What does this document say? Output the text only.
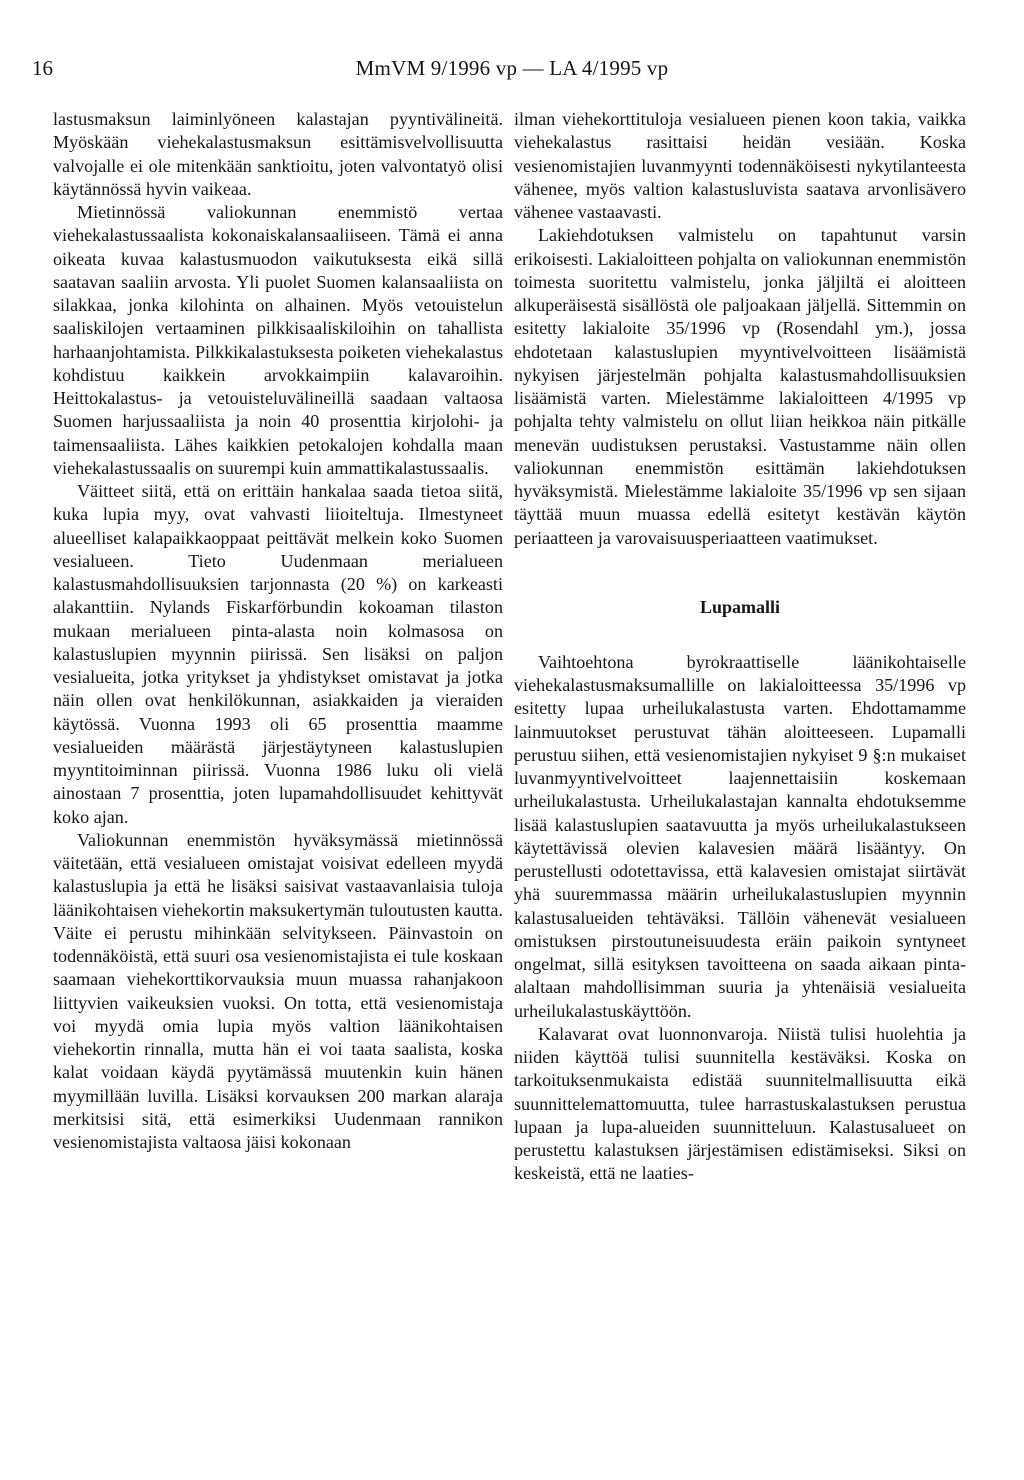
16	MmVM 9/1996 vp — LA 4/1995 vp

lastusmaksun laiminlyöneen kalastajan pyyntivälineitä. Myöskään viehekalastusmaksun esittämisvelvollisuutta valvojalle ei ole mitenkään sanktioitu, joten valvontatyö olisi käytännössä hyvin vaikeaa.

Mietinnössä valiokunnan enemmistö vertaa viehekalastussaalista kokonaiskalansaaliiseen. Tämä ei anna oikeata kuvaa kalastusmuodon vaikutuksesta eikä sillä saatavan saaliin arvosta. Yli puolet Suomen kalansaaliista on silakkaa, jonka kilohinta on alhainen. Myös vetouistelun saaliskilojen vertaaminen pilkkisaaliskiloihin on tahallista harhaanjohtamista. Pilkkikalastuksesta poiketen viehekalastus kohdistuu kaikkein arvokkaimpiin kalavaroihin. Heittokalastus- ja vetouisteluvälineillä saadaan valtaosa Suomen harjussaaliista ja noin 40 prosenttia kirjolohi- ja taimensaaliista. Lähes kaikkien petokalojen kohdalla maan viehekalastussaalis on suurempi kuin ammattikalastussaalis.

Väitteet siitä, että on erittäin hankalaa saada tietoa siitä, kuka lupia myy, ovat vahvasti liioiteltuja. Ilmestyneet alueelliset kalapaikkaoppaat peittävät melkein koko Suomen vesialueen. Tieto Uudenmaan merialueen kalastusmahdollisuuksien tarjonnasta (20 %) on karkeasti alakanttiin. Nylands Fiskarförbundin kokoaman tilaston mukaan merialueen pinta-alasta noin kolmasosa on kalastuslupien myynnin piirissä. Sen lisäksi on paljon vesialueita, jotka yritykset ja yhdistykset omistavat ja jotka näin ollen ovat henkilökunnan, asiakkaiden ja vieraiden käytössä. Vuonna 1993 oli 65 prosenttia maamme vesialueiden määrästä järjestäytyneen kalastuslupien myyntitoiminnan piirissä. Vuonna 1986 luku oli vielä ainostaan 7 prosenttia, joten lupamahdollisuudet kehittyvät koko ajan.

Valiokunnan enemmistön hyväksymässä mietinnössä väitetään, että vesialueen omistajat voisivat edelleen myydä kalastuslupia ja että he lisäksi saisivat vastaavanlaisia tuloja läänikohtaisen viehekortin maksukertymän tuloutusten kautta. Väite ei perustu mihinkään selvitykseen. Päinvastoin on todennäköistä, että suuri osa vesienomistajista ei tule koskaan saamaan viehekorttikorvauksia muun muassa rahanjakoon liittyvien vaikeuksien vuoksi. On totta, että vesienomistaja voi myydä omia lupia myös valtion läänikohtaisen viehekortin rinnalla, mutta hän ei voi taata saalista, koska kalat voidaan käydä pyytämässä muutenkin kuin hänen myymillään luvilla. Lisäksi korvauksen 200 markan alaraja merkitsisi sitä, että esimerkiksi Uudenmaan rannikon vesienomistajista valtaosa jäisi kokonaan

ilman viehekorttituloja vesialueen pienen koon takia, vaikka viehekalastus rasittaisi heidän vesiään. Koska vesienomistajien luvanmyynti todennäköisesti nykytilanteesta vähenee, myös valtion kalastusluvista saatava arvonlisävero vähenee vastaavasti.

Lakiehdotuksen valmistelu on tapahtunut varsin erikoisesti. Lakialoitteen pohjalta on valiokunnan enemmistön toimesta suoritettu valmistelu, jonka jäljiltä ei aloitteen alkuperäisestä sisällöstä ole paljoakaan jäljellä. Sittemmin on esitetty lakialoite 35/1996 vp (Rosendahl ym.), jossa ehdotetaan kalastuslupien myyntivelvoitteen lisäämistä nykyisen järjestelmän pohjalta kalastusmahdollisuuksien lisäämistä varten. Mielestämme lakialoitteen 4/1995 vp pohjalta tehty valmistelu on ollut liian heikkoa näin pitkälle menevän uudistuksen perustaksi. Vastustamme näin ollen valiokunnan enemmistön esittämän lakiehdotuksen hyväksymistä. Mielestämme lakialoite 35/1996 vp sen sijaan täyttää muun muassa edellä esitetyt kestävän käytön periaatteen ja varovaisuusperiaatteen vaatimukset.

Lupamalli

Vaihtoehtona byrokraattiselle läänikohtaiselle viehekalastusmaksumallille on lakialoitteessa 35/1996 vp esitetty lupaa urheilukalastusta varten. Ehdottamamme lainmuutokset perustuvat tähän aloitteeseen. Lupamalli perustuu siihen, että vesienomistajien nykyiset 9 §:n mukaiset luvanmyyntivelvoitteet laajennettaisiin koskemaan urheilukalastusta. Urheilukalastajan kannalta ehdotuksemme lisää kalastuslupien saatavuutta ja myös urheilukalastukseen käytettävissä olevien kalavesien määrä lisääntyy. On perustellusti odotettavissa, että kalavesien omistajat siirtävät yhä suuremmassa määrin urheilukalastuslupien myynnin kalastusalueiden tehtäväksi. Tällöin vähenevät vesialueen omistuksen pirstoutuneisuudesta eräin paikoin syntyneet ongelmat, sillä esityksen tavoitteena on saada aikaan pinta-alaltaan mahdollisimman suuria ja yhtenäisiä vesialueita urheilukalastuskäyttöön.

Kalavarat ovat luonnonvaroja. Niistä tulisi huolehtia ja niiden käyttöä tulisi suunnitella kestäväksi. Koska on tarkoituksenmukaista edistää suunnitelmallisuutta eikä suunnittelemattomuutta, tulee harrastuskalastuksen perustua lupaan ja lupa-alueiden suunnitteluun. Kalastusalueet on perustettu kalastuksen järjestämisen edistämiseksi. Siksi on keskeistä, että ne laaties-
